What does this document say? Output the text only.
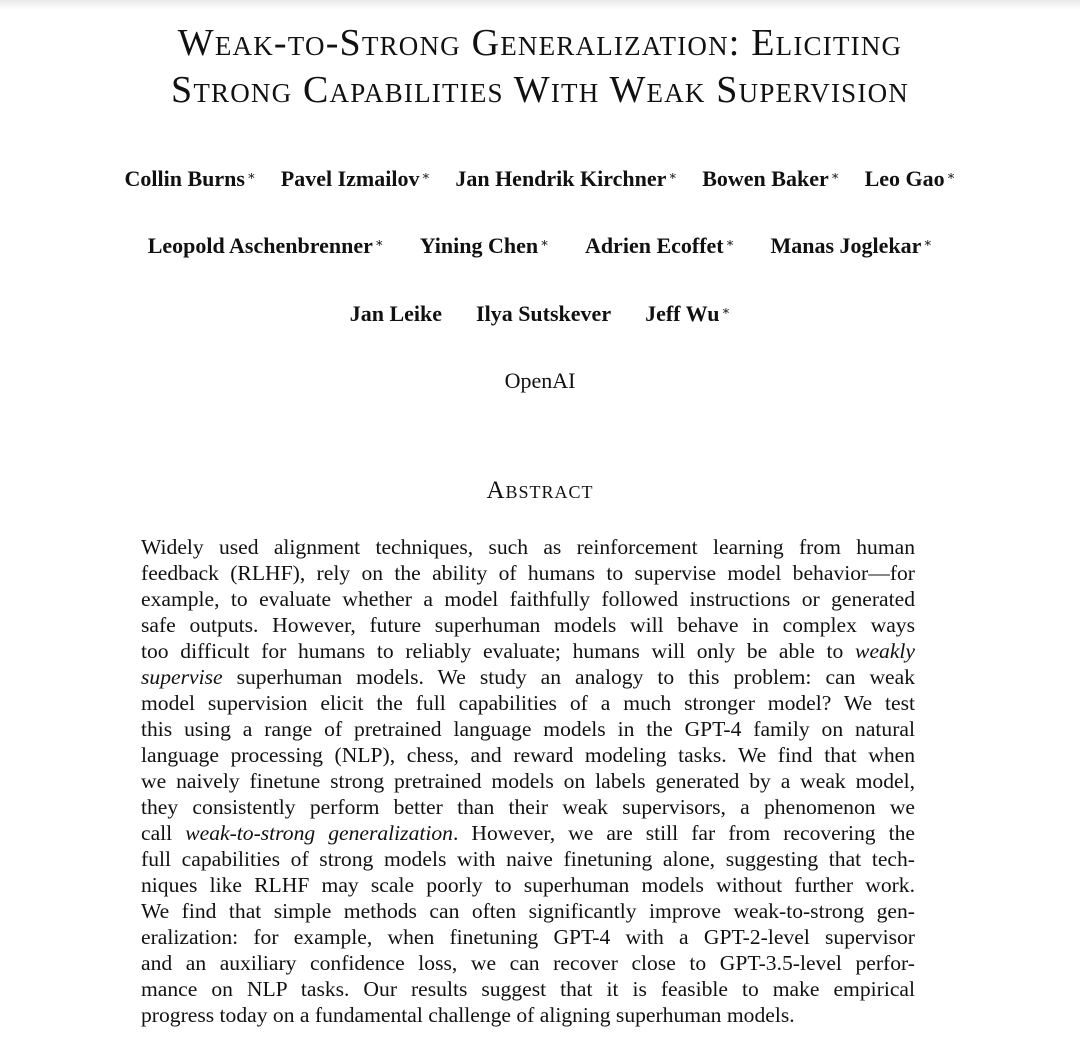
Weak-to-Strong Generalization: Eliciting
Strong Capabilities With Weak Supervision
Collin Burns ∗ Pavel Izmailov ∗ Jan Hendrik Kirchner ∗ Bowen Baker ∗ Leo Gao ∗
Leopold Aschenbrenner ∗ Yining Chen ∗ Adrien Ecoffet ∗ Manas Joglekar ∗
Jan Leike Ilya Sutskever Jeff Wu ∗
OpenAI
Abstract
Widely used alignment techniques, such as reinforcement learning from human
feedback (RLHF), rely on the ability of humans to supervise model behavior—for
example, to evaluate whether a model faithfully followed instructions or generated
safe outputs. However, future superhuman models will behave in complex ways
too difficult for humans to reliably evaluate; humans will only be able to weakly
supervise superhuman models. We study an analogy to this problem: can weak
model supervision elicit the full capabilities of a much stronger model? We test
this using a range of pretrained language models in the GPT-4 family on natural
language processing (NLP), chess, and reward modeling tasks. We find that when
we naively finetune strong pretrained models on labels generated by a weak model,
they consistently perform better than their weak supervisors, a phenomenon we
call weak-to-strong generalization. However, we are still far from recovering the
full capabilities of strong models with naive finetuning alone, suggesting that tech-
niques like RLHF may scale poorly to superhuman models without further work.
We find that simple methods can often significantly improve weak-to-strong gen-
eralization: for example, when finetuning GPT-4 with a GPT-2-level supervisor
and an auxiliary confidence loss, we can recover close to GPT-3.5-level perfor-
mance on NLP tasks. Our results suggest that it is feasible to make empirical
progress today on a fundamental challenge of aligning superhuman models.
